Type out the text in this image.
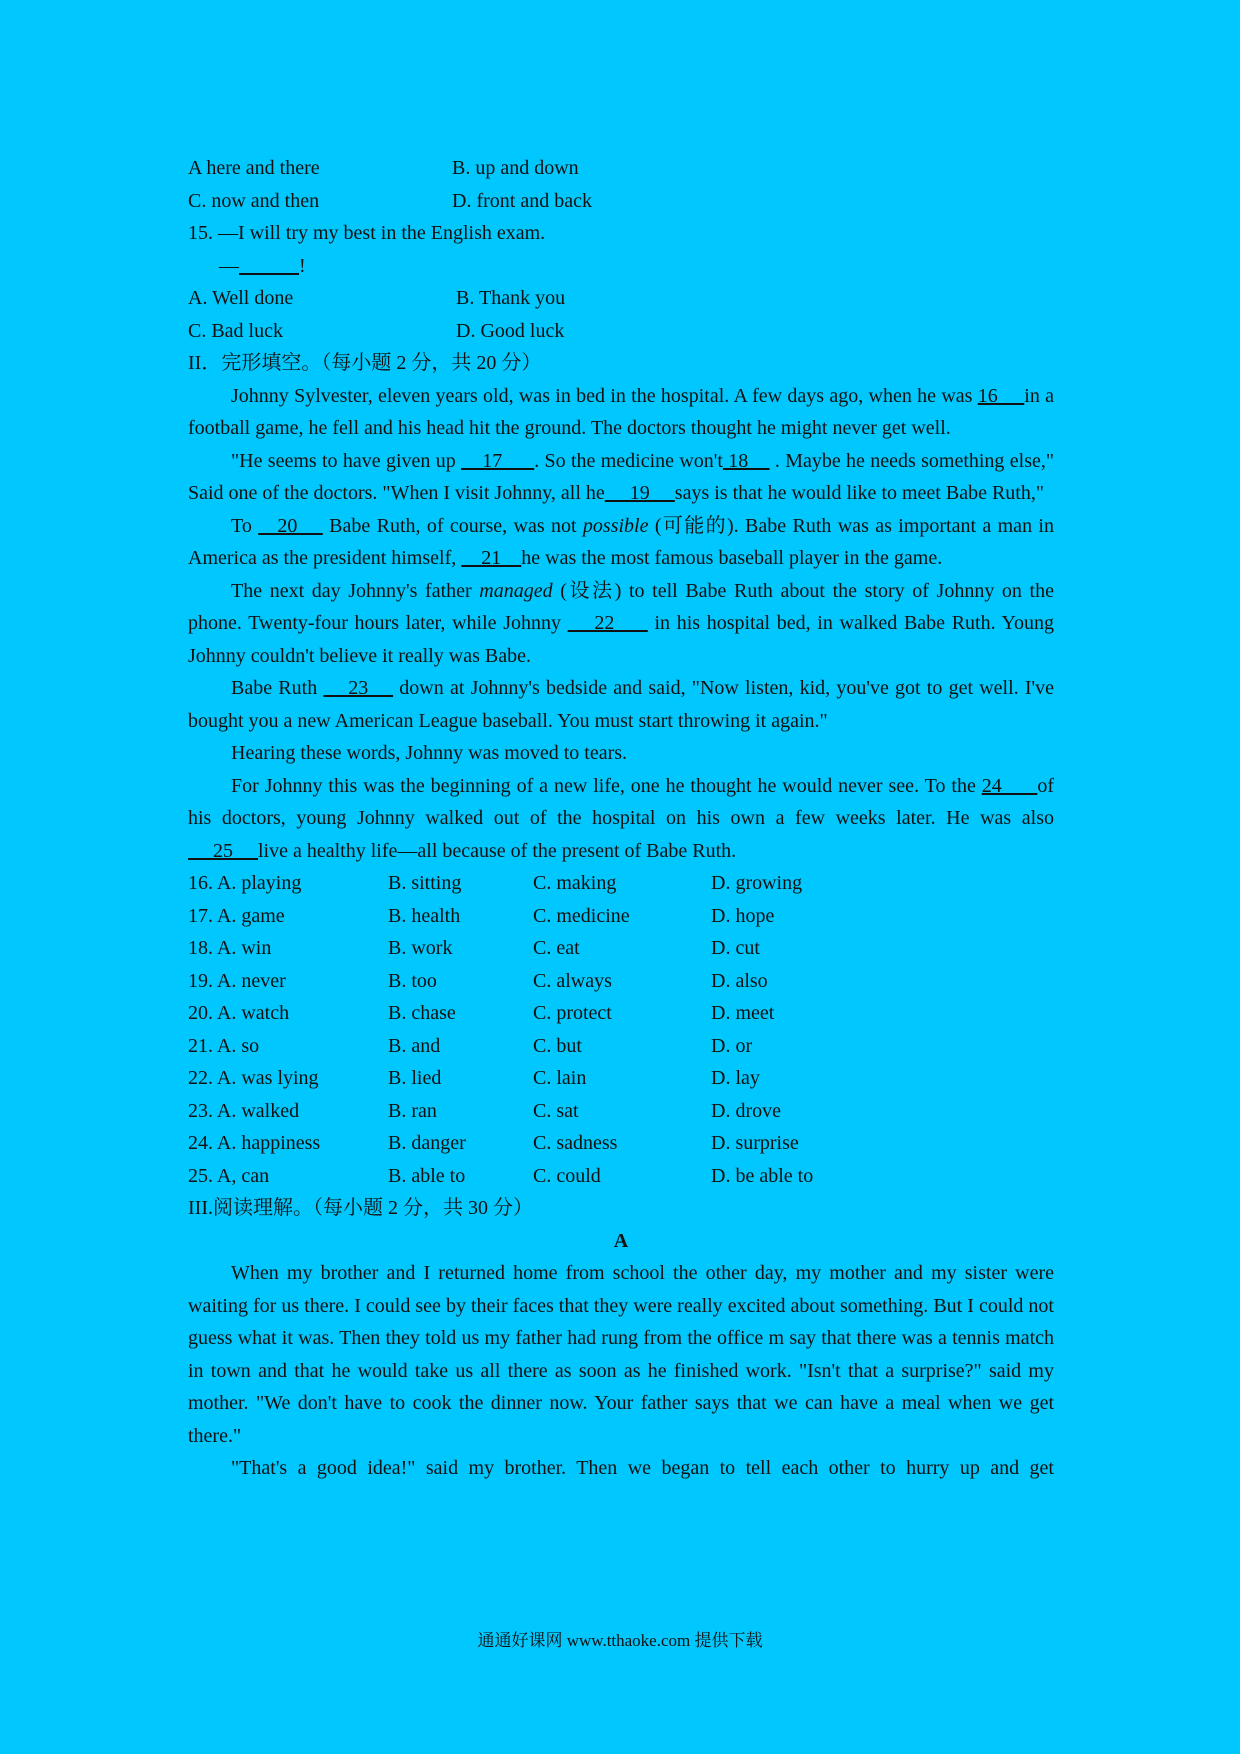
A here and there	B. up and down
C. now and then	D. front and back
15. —I will try my best in the English exam.
—	!
A. Well done	B. Thank you
C. Bad luck	D. Good luck
II．完形填空。（每小题 2 分，共 20 分）

Johnny Sylvester, eleven years old, was in bed in the hospital. A few days ago, when he was 16     in a football game, he fell and his head hit the ground. The doctors thought he might never get well.

"He seems to have given up     17      . So the medicine won't 18     . Maybe he needs something else," Said one of the doctors. "When I visit Johnny, all he     19     says is that he would like to meet Babe Ruth,"

To    20     Babe Ruth, of course, was not possible (可能的). Babe Ruth was as important a man in America as the president himself,     21    he was the most famous baseball player in the game.

The next day Johnny's father managed (设法) to tell Babe Ruth about the story of Johnny on the phone. Twenty-four hours later, while Johnny     22      in his hospital bed, in walked Babe Ruth. Young Johnny couldn't believe it really was Babe.

Babe Ruth     23     down at Johnny's bedside and said, "Now listen, kid, you've got to get well. I've bought you a new American League baseball. You must start throwing it again."

Hearing these words, Johnny was moved to tears.

For Johnny this was the beginning of a new life, one he thought he would never see. To the 24      of his doctors, young Johnny walked out of the hospital on his own a few weeks later. He was also      25     live a healthy life—all because of the present of Babe Ruth.

16. A. playing	B. sitting	C. making	D. growing
17. A. game	B. health	C. medicine	D. hope
18. A. win	B. work	C. eat	D. cut
19. A. never	B. too	C. always	D. also
20. A. watch	B. chase	C. protect	D. meet
21. A. so	B. and	C. but	D. or
22. A. was lying	B. lied	C. lain	D. lay
23. A. walked	B. ran	C. sat	D. drove
24. A. happiness	B. danger	C. sadness	D. surprise
25. A, can	B. able to	C. could	D. be able to
III.阅读理解。（每小题 2 分，共 30 分）
A

When my brother and I returned home from school the other day, my mother and my sister were waiting for us there. I could see by their faces that they were really excited about something. But I could not guess what it was. Then they told us my father had rung from the office m say that there was a tennis match in town and that he would take us all there as soon as he finished work. "Isn't that a surprise?" said my mother. "We don't have to cook the dinner now. Your father says that we can have a meal when we get there."

"That's a good idea!" said my brother. Then we began to tell each other to hurry up and get

通通好课网 www.tthaoke.com 提供下载
